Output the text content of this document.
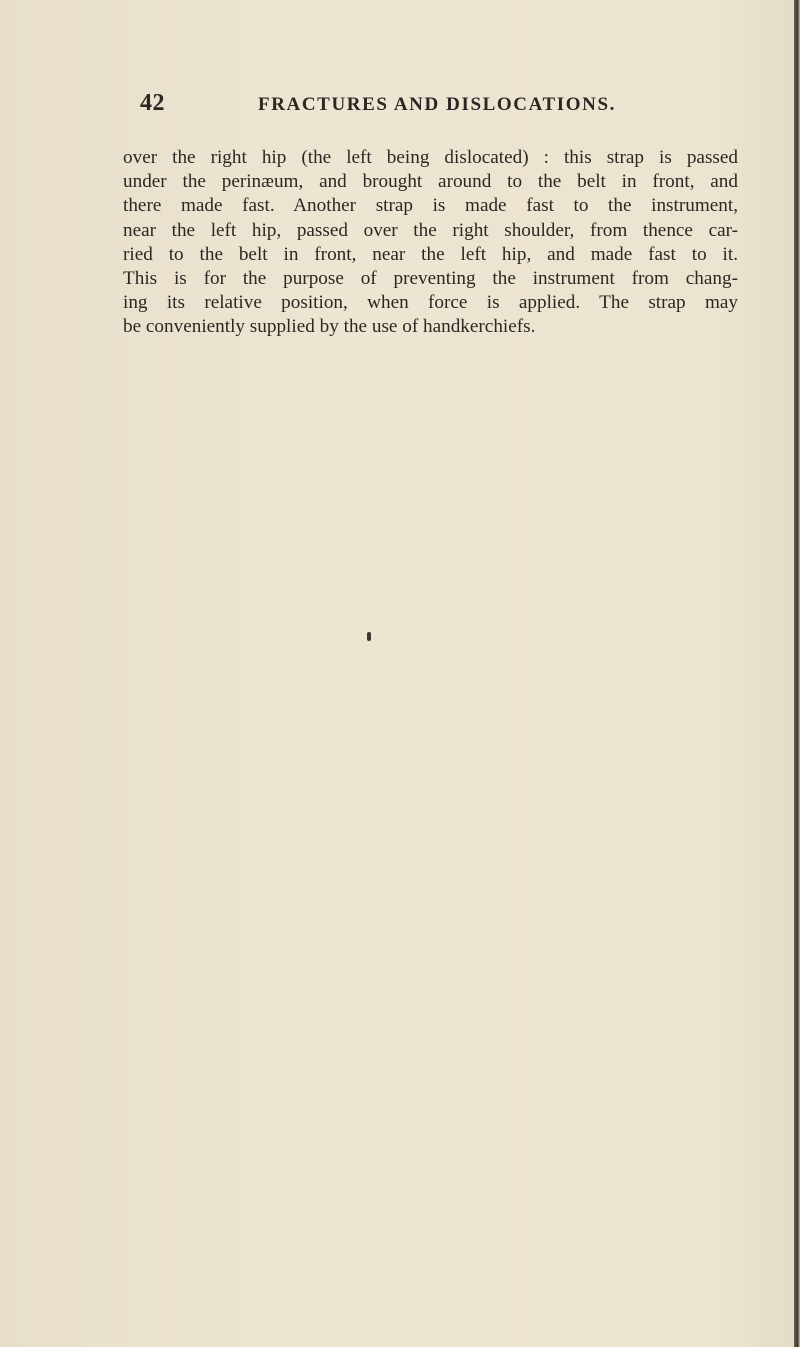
42	FRACTURES AND DISLOCATIONS.
over the right hip (the left being dislocated) : this strap is passed
under the perinæum, and brought around to the belt in front, and
there made fast. Another strap is made fast to the instrument,
near the left hip, passed over the right shoulder, from thence car-
ried to the belt in front, near the left hip, and made fast to it.
This is for the purpose of preventing the instrument from chang-
ing its relative position, when force is applied. The strap may
be conveniently supplied by the use of handkerchiefs.
